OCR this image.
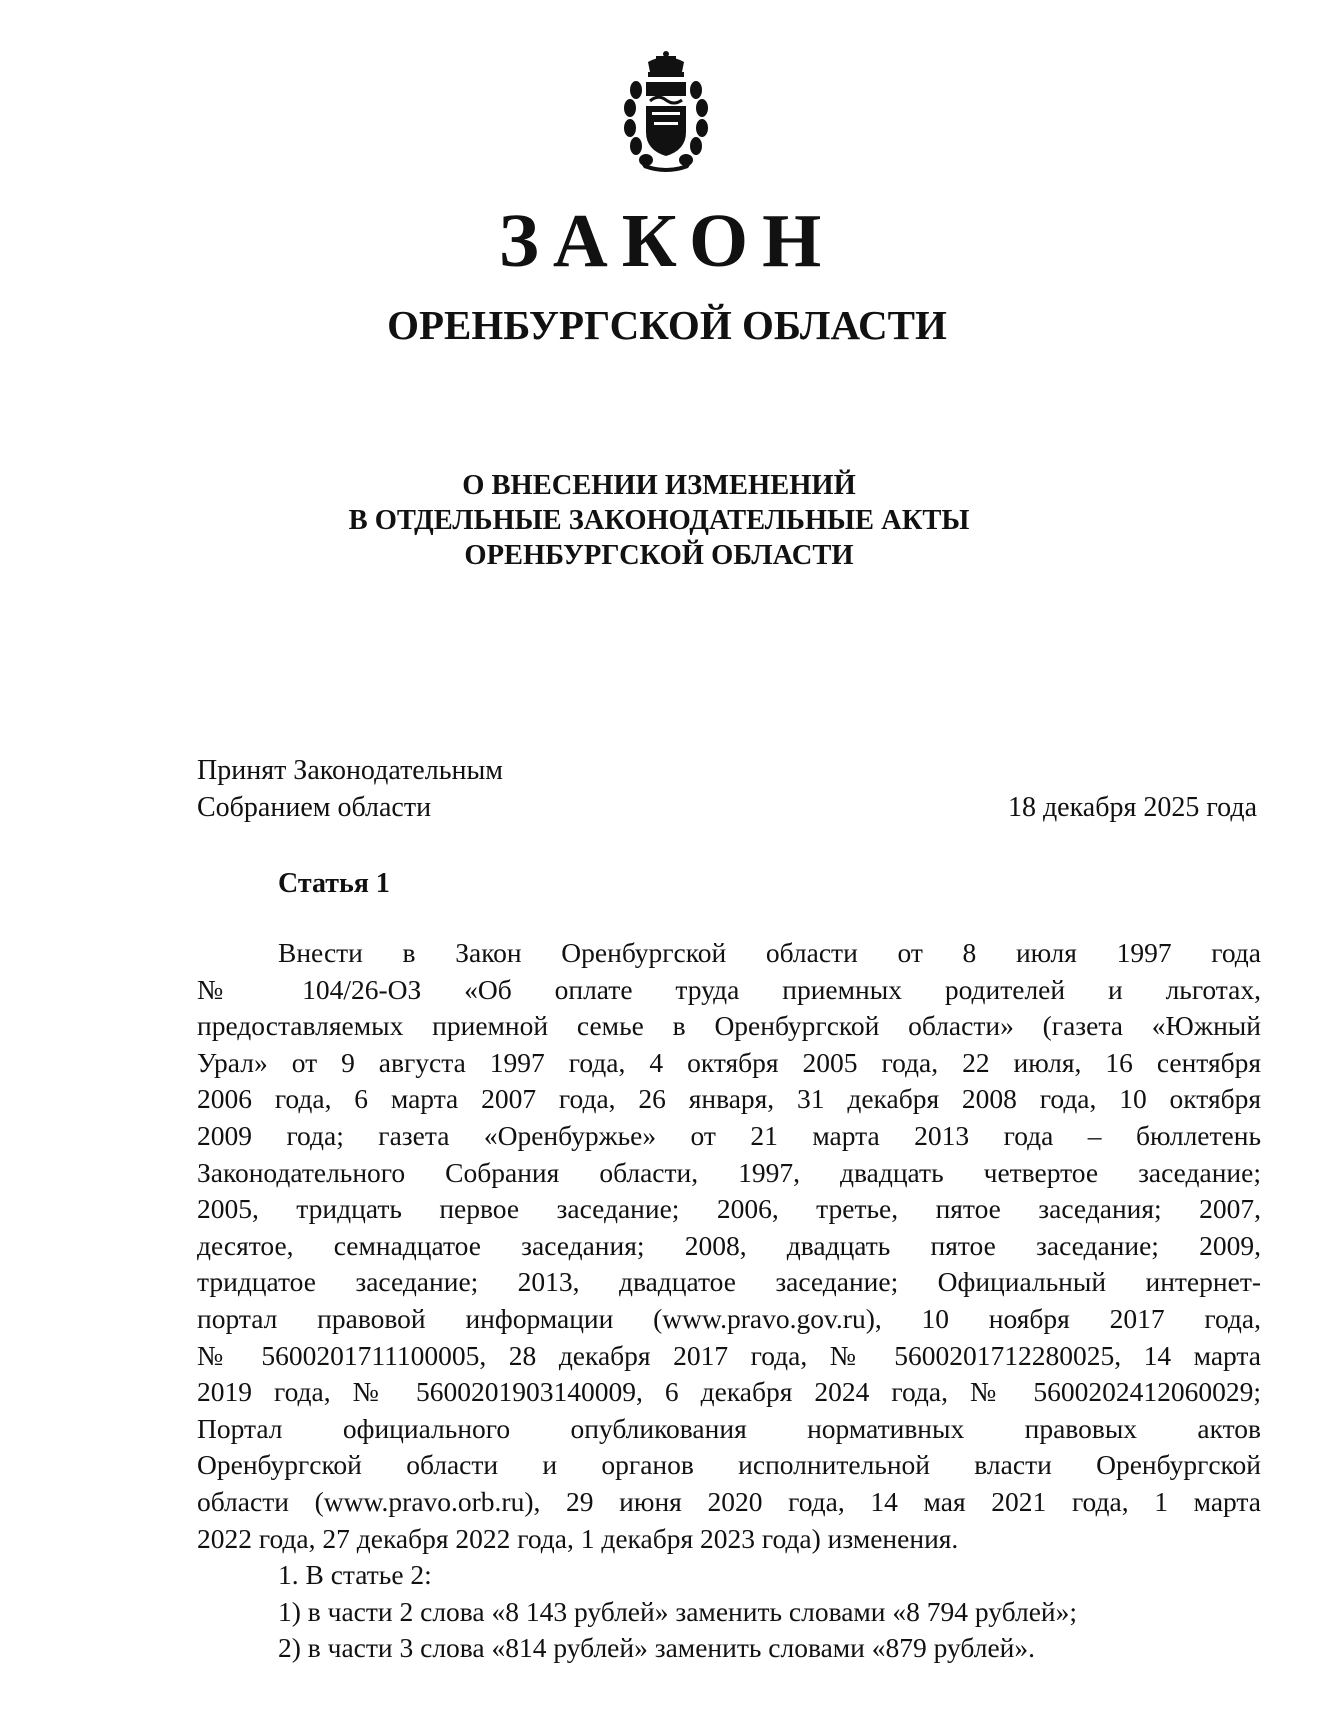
ЗАКОН
ОРЕНБУРГСКОЙ ОБЛАСТИ
О ВНЕСЕНИИ ИЗМЕНЕНИЙ
В ОТДЕЛЬНЫЕ ЗАКОНОДАТЕЛЬНЫЕ АКТЫ
ОРЕНБУРГСКОЙ ОБЛАСТИ
Принят Законодательным
Собранием области	18 декабря 2025 года
Статья 1
Внести в Закон Оренбургской области от 8 июля 1997 года
№ 104/26-ОЗ «Об оплате труда приемных родителей и льготах,
предоставляемых приемной семье в Оренбургской области» (газета «Южный
Урал» от 9 августа 1997 года, 4 октября 2005 года, 22 июля, 16 сентября
2006 года, 6 марта 2007 года, 26 января, 31 декабря 2008 года, 10 октября
2009 года; газета «Оренбуржье» от 21 марта 2013 года – бюллетень
Законодательного Собрания области, 1997, двадцать четвертое заседание;
2005, тридцать первое заседание; 2006, третье, пятое заседания; 2007,
десятое, семнадцатое заседания; 2008, двадцать пятое заседание; 2009,
тридцатое заседание; 2013, двадцатое заседание; Официальный интернет-
портал правовой информации (www.pravo.gov.ru), 10 ноября 2017 года,
№ 5600201711100005, 28 декабря 2017 года, № 5600201712280025, 14 марта
2019 года, № 5600201903140009, 6 декабря 2024 года, № 5600202412060029;
Портал официального опубликования нормативных правовых актов
Оренбургской области и органов исполнительной власти Оренбургской
области (www.pravo.orb.ru), 29 июня 2020 года, 14 мая 2021 года, 1 марта
2022 года, 27 декабря 2022 года, 1 декабря 2023 года) изменения.
1. В статье 2:
1) в части 2 слова «8 143 рублей» заменить словами «8 794 рублей»;
2) в части 3 слова «814 рублей» заменить словами «879 рублей».
